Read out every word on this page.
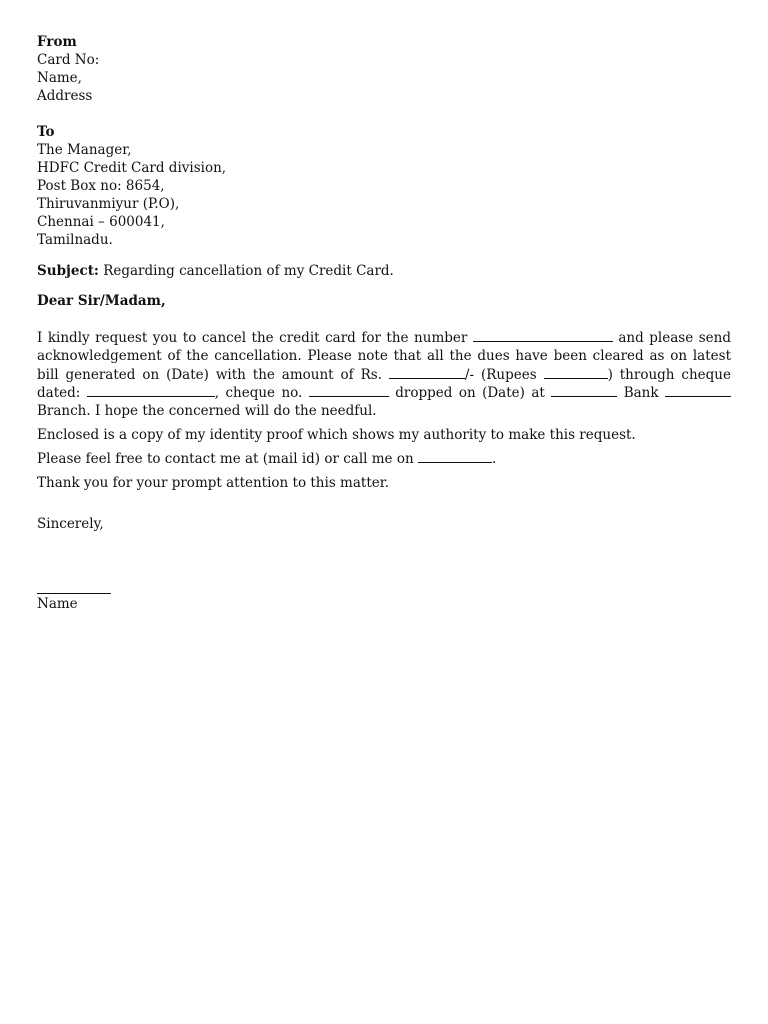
From
Card No:
Name,
Address
To
The Manager,
HDFC Credit Card division,
Post Box no: 8654,
Thiruvanmiyur (P.O),
Chennai – 600041,
Tamilnadu.
Subject: Regarding cancellation of my Credit Card.
Dear Sir/Madam,
I kindly request you to cancel the credit card for the number	and please send acknowledgement of the cancellation. Please note that all the dues have been cleared as on latest bill generated on (Date) with the amount of Rs.	/- (Rupees	) through cheque dated:	, cheque no.	dropped on (Date) at	Bank  Branch. I hope the concerned will do the needful.
Enclosed is a copy of my identity proof which shows my authority to make this request.
Please feel free to contact me at (mail id) or call me on	.
Thank you for your prompt attention to this matter.
Sincerely,
Name
